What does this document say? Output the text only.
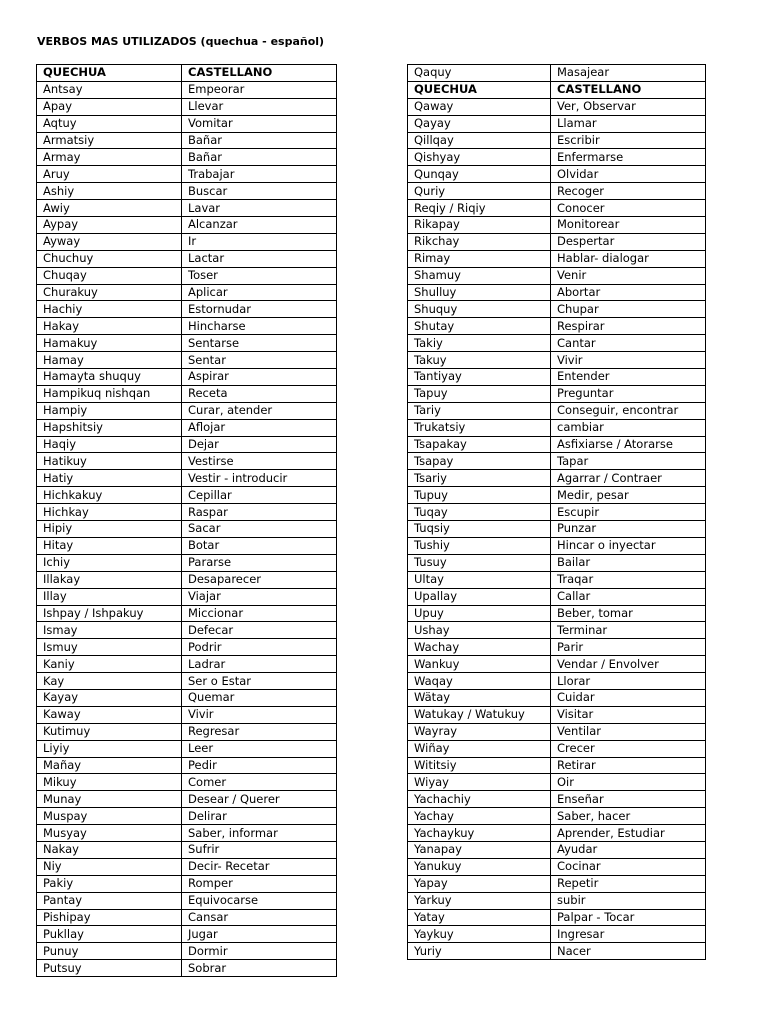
VERBOS MAS UTILIZADOS (quechua - español)
QUECHUA	CASTELLANO
Antsay	Empeorar
Apay	Llevar
Aqtuy	Vomitar
Armatsiy	Bañar
Armay	Bañar
Aruy	Trabajar
Ashiy	Buscar
Awiy	Lavar
Aypay	Alcanzar
Ayway	Ir
Chuchuy	Lactar
Chuqay	Toser
Churakuy	Aplicar
Hachiy	Estornudar
Hakay	Hincharse
Hamakuy	Sentarse
Hamay	Sentar
Hamayta shuquy	Aspirar
Hampikuq nishqan	Receta
Hampiy	Curar, atender
Hapshitsiy	Aflojar
Haqiy	Dejar
Hatikuy	Vestirse
Hatiy	Vestir - introducir
Hichkakuy	Cepillar
Hichkay	Raspar
Hipiy	Sacar
Hitay	Botar
Ichiy	Pararse
Illakay	Desaparecer
Illay	Viajar
Ishpay / Ishpakuy	Miccionar
Ismay	Defecar
Ismuy	Podrir
Kaniy	Ladrar
Kay	Ser o Estar
Kayay	Quemar
Kaway	Vivir
Kutimuy	Regresar
Liyiy	Leer
Mañay	Pedir
Mikuy	Comer
Munay	Desear / Querer
Muspay	Delirar
Musyay	Saber, informar
Nakay	Sufrir
Niy	Decir- Recetar
Pakiy	Romper
Pantay	Equivocarse
Pishipay	Cansar
Pukllay	Jugar
Punuy	Dormir
Putsuy	Sobrar
Qaquy	Masajear
QUECHUA	CASTELLANO
Qaway	Ver, Observar
Qayay	Llamar
Qillqay	Escribir
Qishyay	Enfermarse
Qunqay	Olvidar
Quriy	Recoger
Reqiy / Riqiy	Conocer
Rikapay	Monitorear
Rikchay	Despertar
Rimay	Hablar- dialogar
Shamuy	Venir
Shulluy	Abortar
Shuquy	Chupar
Shutay	Respirar
Takiy	Cantar
Takuy	Vivir
Tantiyay	Entender
Tapuy	Preguntar
Tariy	Conseguir, encontrar
Trukatsiy	cambiar
Tsapakay	Asfixiarse / Atorarse
Tsapay	Tapar
Tsariy	Agarrar / Contraer
Tupuy	Medir, pesar
Tuqay	Escupir
Tuqsiy	Punzar
Tushiy	Hincar o inyectar
Tusuy	Bailar
Ultay	Traqar
Upallay	Callar
Upuy	Beber, tomar
Ushay	Terminar
Wachay	Parir
Wankuy	Vendar / Envolver
Waqay	Llorar
Wätay	Cuidar
Watukay / Watukuy	Visitar
Wayray	Ventilar
Wiñay	Crecer
Wititsiy	Retirar
Wiyay	Oir
Yachachiy	Enseñar
Yachay	Saber, hacer
Yachaykuy	Aprender, Estudiar
Yanapay	Ayudar
Yanukuy	Cocinar
Yapay	Repetir
Yarkuy	subir
Yatay	Palpar - Tocar
Yaykuy	Ingresar
Yuriy	Nacer
